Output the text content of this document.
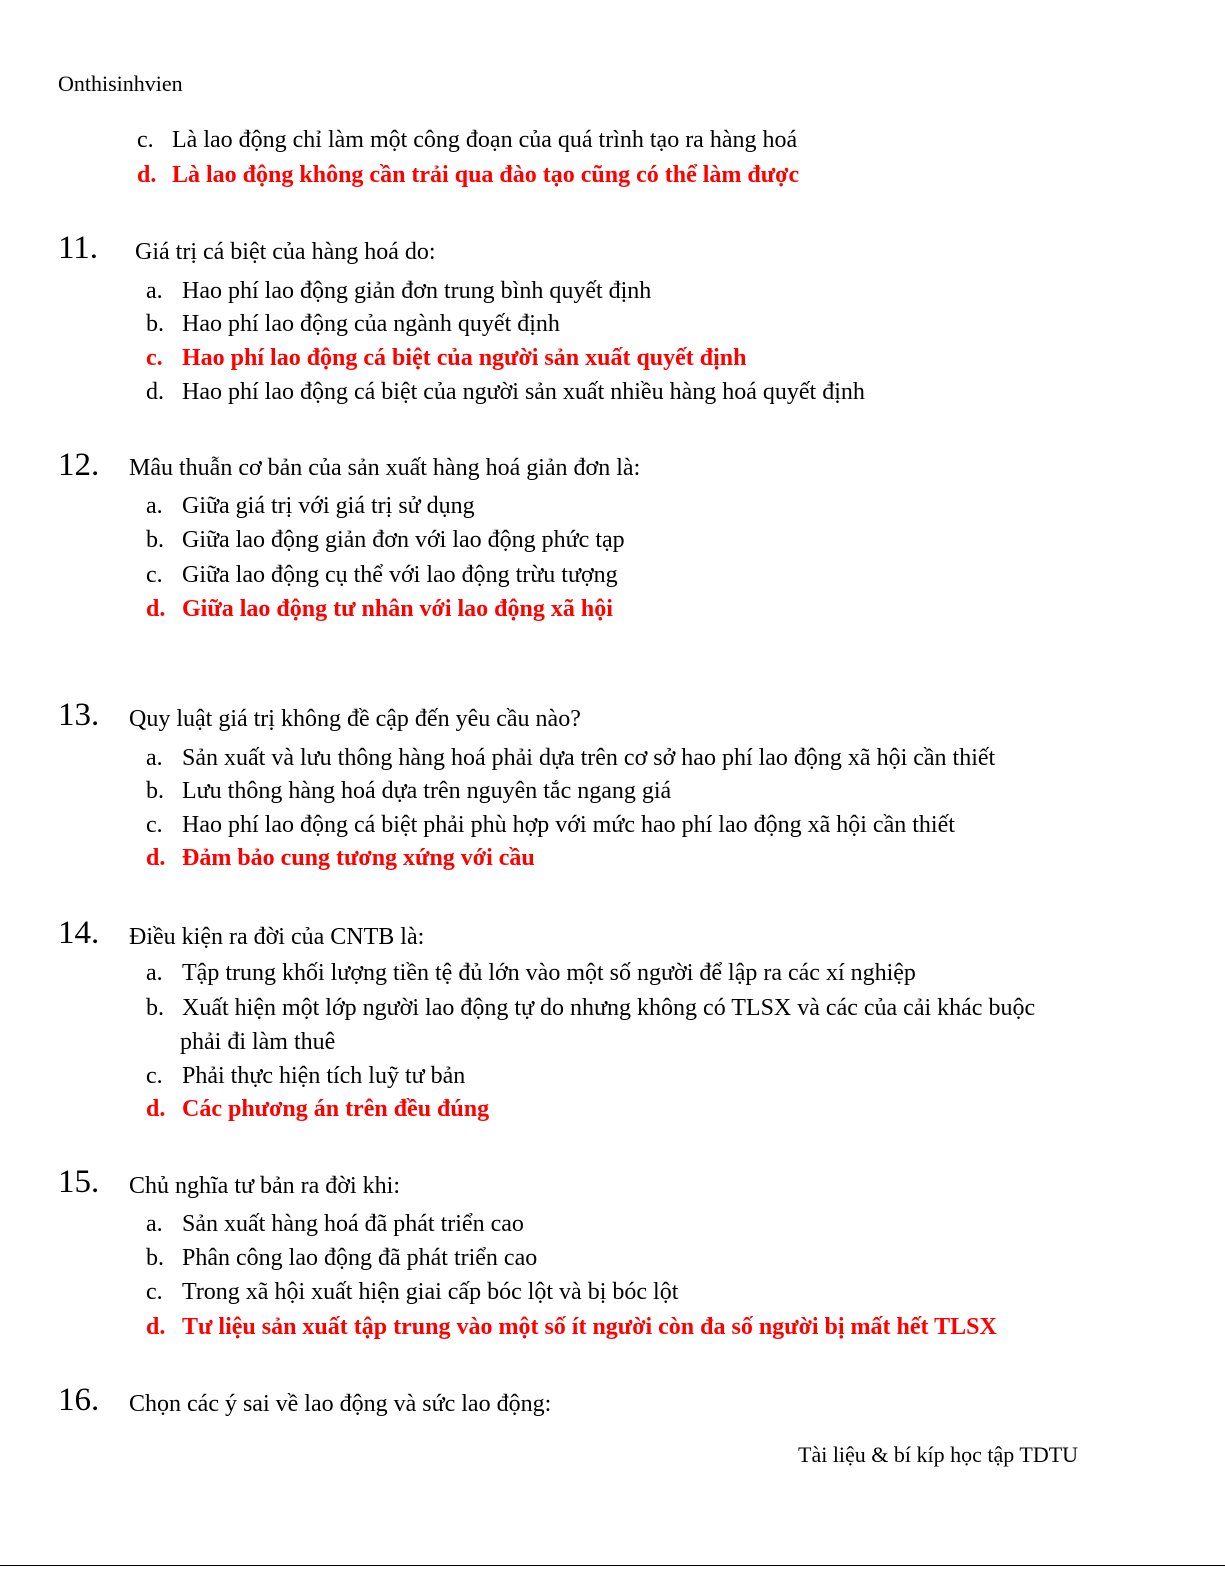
Onthisinhvien
c. Là lao động chỉ làm một công đoạn của quá trình tạo ra hàng hoá
d. Là lao động không cần trải qua đào tạo cũng có thể làm được
11. Giá trị cá biệt của hàng hoá do:
a. Hao phí lao động giản đơn trung bình quyết định
b. Hao phí lao động của ngành quyết định
c. Hao phí lao động cá biệt của người sản xuất quyết định
d. Hao phí lao động cá biệt của người sản xuất nhiều hàng hoá quyết định
12. Mâu thuẫn cơ bản của sản xuất hàng hoá giản đơn là:
a. Giữa giá trị với giá trị sử dụng
b. Giữa lao động giản đơn với lao động phức tạp
c. Giữa lao động cụ thể với lao động trừu tượng
d. Giữa lao động tư nhân với lao động xã hội
13. Quy luật giá trị không đề cập đến yêu cầu nào?
a. Sản xuất và lưu thông hàng hoá phải dựa trên cơ sở hao phí lao động xã hội cần thiết
b. Lưu thông hàng hoá dựa trên nguyên tắc ngang giá
c. Hao phí lao động cá biệt phải phù hợp với mức hao phí lao động xã hội cần thiết
d. Đảm bảo cung tương xứng với cầu
14. Điều kiện ra đời của CNTB là:
a. Tập trung khối lượng tiền tệ đủ lớn vào một số người để lập ra các xí nghiệp
b. Xuất hiện một lớp người lao động tự do nhưng không có TLSX và các của cải khác buộc
phải đi làm thuê
c. Phải thực hiện tích luỹ tư bản
d. Các phương án trên đều đúng
15. Chủ nghĩa tư bản ra đời khi:
a. Sản xuất hàng hoá đã phát triển cao
b. Phân công lao động đã phát triển cao
c. Trong xã hội xuất hiện giai cấp bóc lột và bị bóc lột
d. Tư liệu sản xuất tập trung vào một số ít người còn đa số người bị mất hết TLSX
16. Chọn các ý sai về lao động và sức lao động:
Tài liệu & bí kíp học tập TDTU
